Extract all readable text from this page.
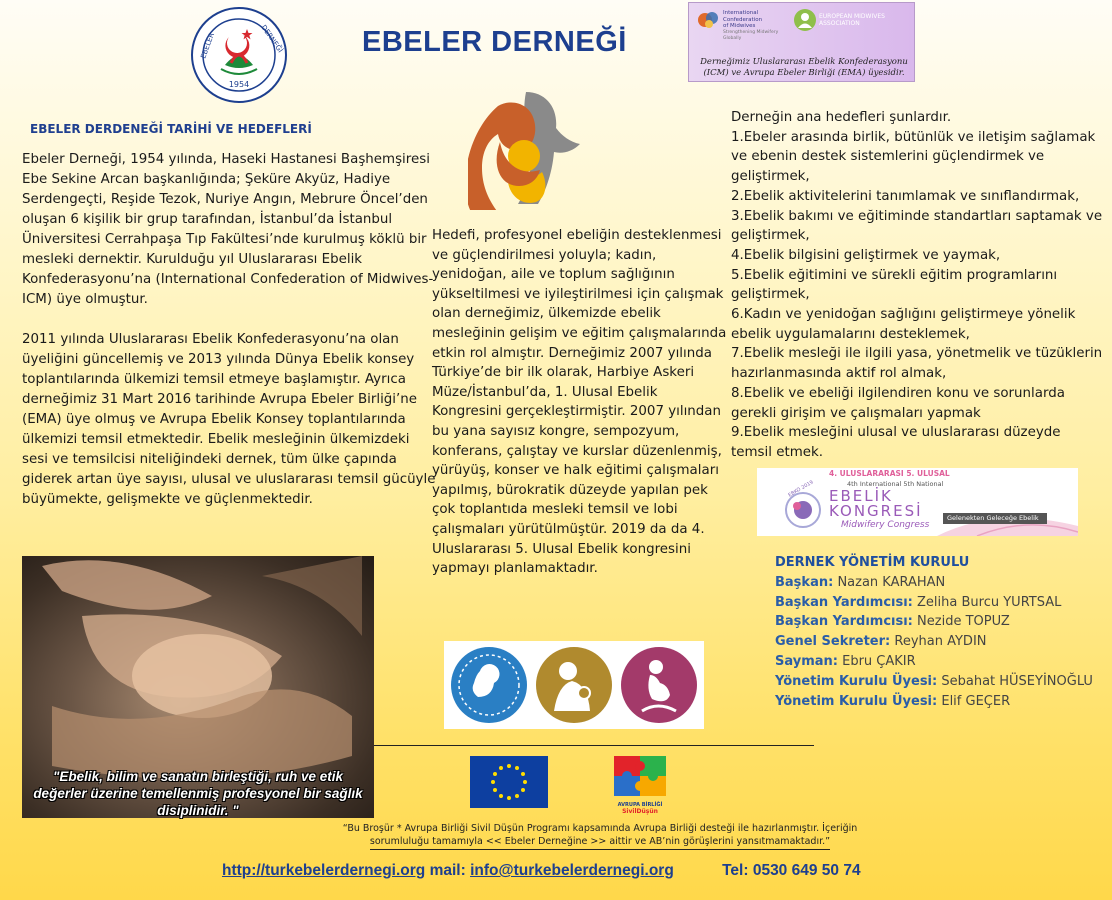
1954
EBELER	DERNEĞİ	EBELER DERNEĞİ
International
Confederation
of Midwives
Strengthening Midwifery Globally
EUROPEAN MIDWIVES
ASSOCIATION
Derneğimiz Uluslararası Ebelik Konfederasyonu
(ICM) ve Avrupa Ebeler Birliği (EMA) üyesidir.
EBELER DERDENEĞİ TARİHİ VE HEDEFLERİ

Ebeler Derneği, 1954 yılında, Haseki Hastanesi Başhemşiresi Ebe Sekine Arcan başkanlığında; Şeküre Akyüz, Hadiye Serdengeçti, Reşide Tezok, Nuriye Angın, Mebrure Öncel’den oluşan 6 kişilik bir grup tarafından, İstanbul’da İstanbul Üniversitesi Cerrahpaşa Tıp Fakültesi’nde kurulmuş köklü bir mesleki dernektir. Kurulduğu yıl Uluslararası Ebelik Konfederasyonu’na (International Confederation of Midwives-ICM) üye olmuştur.

2011 yılında Uluslararası Ebelik Konfederasyonu’na olan üyeliğini güncellemiş ve 2013 yılında Dünya Ebelik konsey toplantılarında ülkemizi temsil etmeye başlamıştır. Ayrıca derneğimiz 31 Mart 2016 tarihinde Avrupa Ebeler Birliği’ne (EMA) üye olmuş ve Avrupa Ebelik Konsey toplantılarında ülkemizi temsil etmektedir. Ebelik mesleğinin ülkemizdeki sesi ve temsilcisi niteliğindeki dernek, tüm ülke çapında giderek artan üye sayısı, ulusal ve uluslararası temsil gücüyle büyümekte, gelişmekte ve güçlenmektedir.

Hedefi, profesyonel ebeliğin desteklenmesi ve güçlendirilmesi yoluyla; kadın, yenidoğan, aile ve toplum sağlığının yükseltilmesi ve iyileştirilmesi için çalışmak olan derneğimiz, ülkemizde ebelik mesleğinin gelişim ve eğitim çalışmalarında etkin rol almıştır. Derneğimiz 2007 yılında Türkiye’de bir ilk olarak, Harbiye Askeri Müze/İstanbul’da, 1. Ulusal Ebelik Kongresini gerçekleştirmiştir. 2007 yılından bu yana sayısız kongre, sempozyum, konferans, çalıştay ve kurslar düzenlenmiş, yürüyüş, konser ve halk eğitimi çalışmaları yapılmış, bürokratik düzeyde yapılan pek çok toplantıda mesleki temsil ve lobi çalışmaları yürütülmüştür. 2019 da da 4. Uluslararası 5. Ulusal Ebelik kongresini yapmayı planlamaktadır.
Derneğin ana hedefleri şunlardır.
1.Ebeler arasında birlik, bütünlük ve iletişim sağlamak ve ebenin destek sistemlerini güçlendirmek ve geliştirmek,
2.Ebelik aktivitelerini tanımlamak ve sınıflandırmak,
3.Ebelik bakımı ve eğitiminde standartları saptamak ve geliştirmek,
4.Ebelik bilgisini geliştirmek ve yaymak,
5.Ebelik eğitimini ve sürekli eğitim programlarını geliştirmek,
6.Kadın ve yenidoğan sağlığını geliştirmeye yönelik ebelik uygulamalarını desteklemek,
7.Ebelik mesleği ile ilgili yasa, yönetmelik ve tüzüklerin hazırlanmasında aktif rol almak,
8.Ebelik ve ebeliği ilgilendiren konu ve sorunlarda gerekli girişim ve çalışmaları yapmak
9.Ebelik mesleğini ulusal ve uluslararası düzeyde temsil etmek.
EBKO 2019
4. ULUSLARARASI 5. ULUSAL
4th International 5th National
EBELİK
KONGRESİ
Midwifery Congress
Gelenekten Geleceğe Ebelik
DERNEK YÖNETİM KURULU
Başkan: Nazan KARAHAN
Başkan Yardımcısı: Zeliha Burcu YURTSAL
Başkan Yardımcısı: Nezide TOPUZ
Genel Sekreter: Reyhan AYDIN
Sayman: Ebru ÇAKIR
Yönetim Kurulu Üyesi: Sebahat HÜSEYİNOĞLU
Yönetim Kurulu Üyesi: Elif GEÇER
"Ebelik, bilim ve sanatın birleştiği, ruh ve etik değerler üzerine temellenmiş profesyonel bir sağlık disiplinidir. "	AVRUPA BİRLİĞİ
SivilDüşün
“Bu Broşür * Avrupa Birliği Sivil Düşün Programı kapsamında Avrupa Birliği desteği ile hazırlanmıştır. İçeriğin
sorumluluğu tamamıyla << Ebeler Derneğine >> aittir ve AB’nin görüşlerini yansıtmamaktadır.”
http://turkebelerdernegi.org mail: info@turkebelerdernegi.org	Tel: 0530 649 50 74
